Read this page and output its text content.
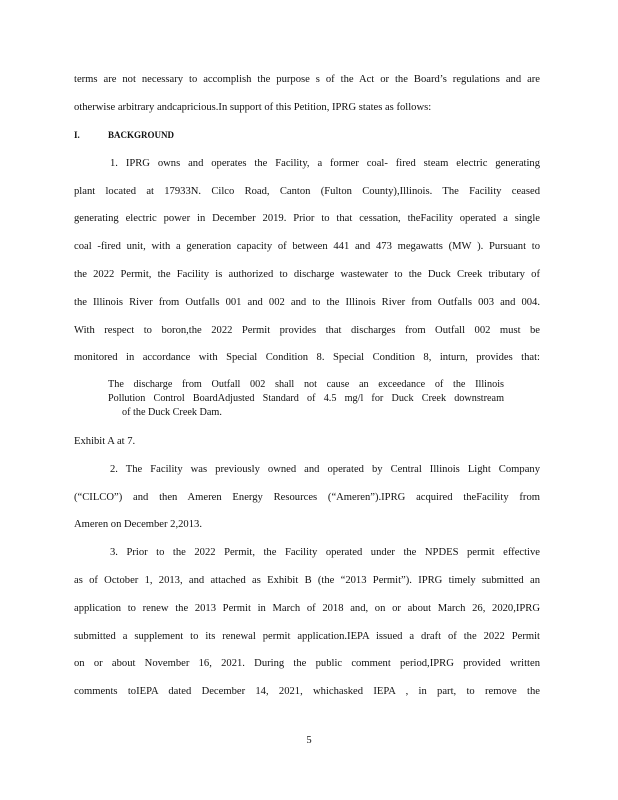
terms are not necessary to accomplish the purpose s of the Act or the Board’s regulations and are
otherwise arbitrary andcapricious.In support of this Petition, IPRG states as follows:
I.	BACKGROUND
1. IPRG owns and operates the Facility, a former coal- fired steam electric generating
plant located at 17933N. Cilco Road, Canton (Fulton County),Illinois. The Facility ceased
generating electric power in December 2019. Prior to that cessation, theFacility operated a single
coal -fired unit, with a generation capacity of between 441 and 473 megawatts (MW ). Pursuant to
the 2022 Permit, the Facility is authorized to discharge wastewater to the Duck Creek tributary of
the Illinois River from Outfalls 001 and 002 and to the Illinois River from Outfalls 003 and 004.
With respect to boron,the 2022 Permit provides that discharges from Outfall 002 must be
monitored in accordance with Special Condition 8. Special Condition 8, inturn, provides that:
The discharge from Outfall 002 shall not cause an exceedance of the Illinois
Pollution Control BoardAdjusted Standard of 4.5 mg/l for Duck Creek downstream
of the Duck Creek Dam.
Exhibit A at 7.
2. The Facility was previously owned and operated by Central Illinois Light Company
(“CILCO”) and then Ameren Energy Resources (“Ameren”).IPRG acquired theFacility from
Ameren on December 2,2013.
3. Prior to the 2022 Permit, the Facility operated under the NPDES permit effective
as of October 1, 2013, and attached as Exhibit B (the “2013 Permit”). IPRG timely submitted an
application to renew the 2013 Permit in March of 2018 and, on or about March 26, 2020,IPRG
submitted a supplement to its renewal permit application.IEPA issued a draft of the 2022 Permit
on or about November 16, 2021. During the public comment period,IPRG provided written
comments toIEPA dated December 14, 2021, whichasked IEPA , in part, to remove the
5
